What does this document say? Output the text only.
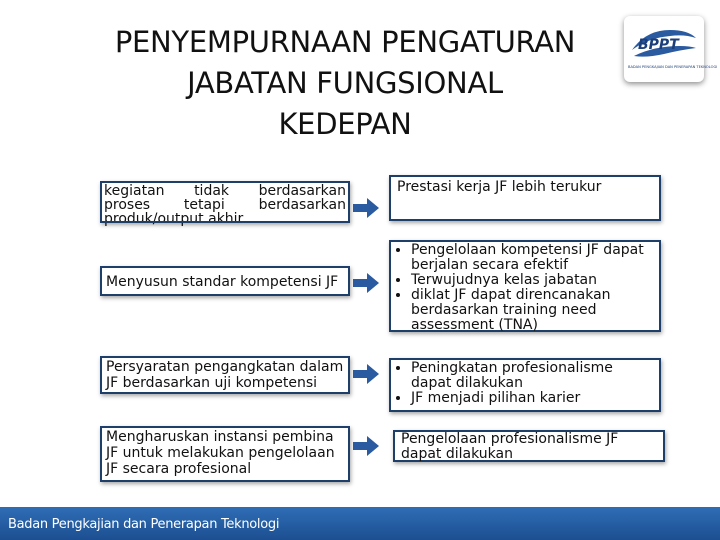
PENYEMPURNAAN PENGATURAN
JABATAN FUNGSIONAL
KEDEPAN
BPPT
BADAN PENGKAJIAN DAN PENERAPAN TEKNOLOGI
kegiatan tidak berdasarkan
proses tetapi berdasarkan
produk/output akhir
Prestasi kerja JF lebih terukur
Menyusun standar kompetensi JF
• Pengelolaan kompetensi JF dapat berjalan secara efektif
• Terwujudnya kelas jabatan
• diklat JF dapat direncanakan berdasarkan training need assessment (TNA)
Persyaratan pengangkatan dalam JF berdasarkan uji kompetensi
• Peningkatan profesionalisme dapat dilakukan
• JF menjadi pilihan karier
Mengharuskan instansi pembina JF untuk melakukan pengelolaan JF secara profesional
Pengelolaan profesionalisme JF dapat dilakukan
Badan Pengkajian dan Penerapan Teknologi
